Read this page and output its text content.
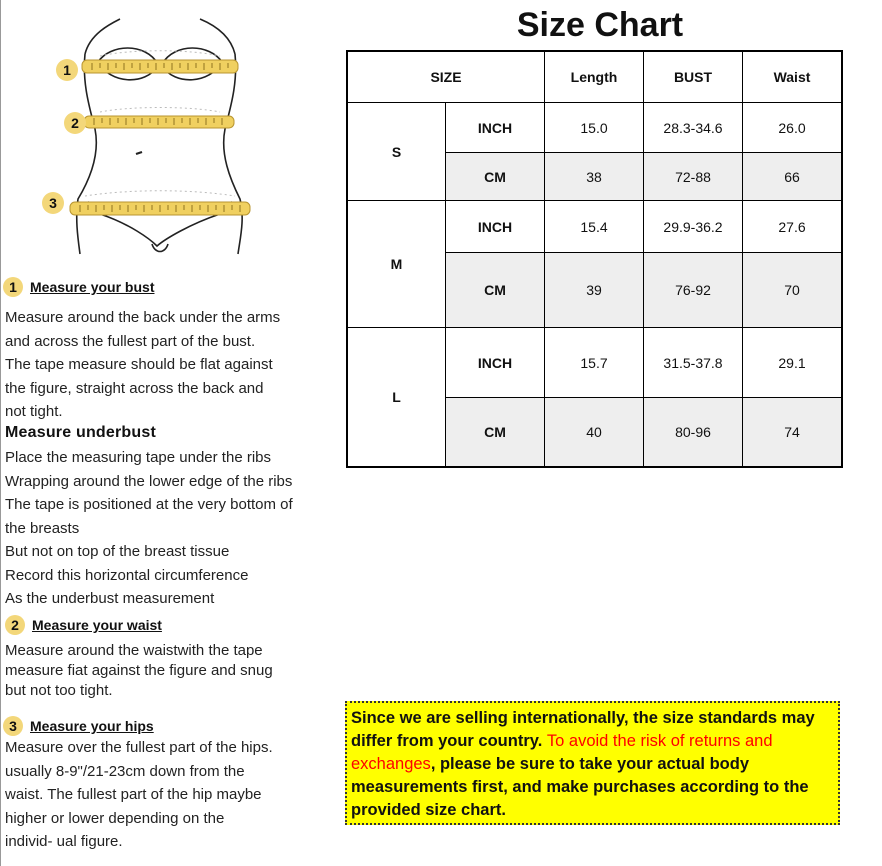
1
2
3
1 Measure your bust
Measure around the back under the arms
and across the fullest part of the bust.
The tape measure should be flat against
the figure, straight across the back and
not tight.
Measure underbust
Place the measuring tape under the ribs
Wrapping around the lower edge of the ribs
The tape is positioned at the very bottom of
the breasts
But not on top of the breast tissue
Record this horizontal circumference
As the underbust measurement
2 Measure your waist
Measure around the waistwith the tape
measure fiat against the figure and snug
but not too tight.
3 Measure your hips
Measure over the fullest part of the hips.
usually 8-9"/21-23cm down from the
waist. The fullest part of the hip maybe
higher or lower depending on the
individ- ual figure.
Size Chart
SIZE		Length	BUST	Waist
S	INCH	15.0	28.3-34.6	26.0
	CM	38	72-88	66
M	INCH	15.4	29.9-36.2	27.6
	CM	39	76-92	70
L	INCH	15.7	31.5-37.8	29.1
	CM	40	80-96	74
Since we are selling internationally, the size standards may differ from your country. To avoid the risk of returns and exchanges, please be sure to take your actual body measurements first, and make purchases according to the provided size chart.
